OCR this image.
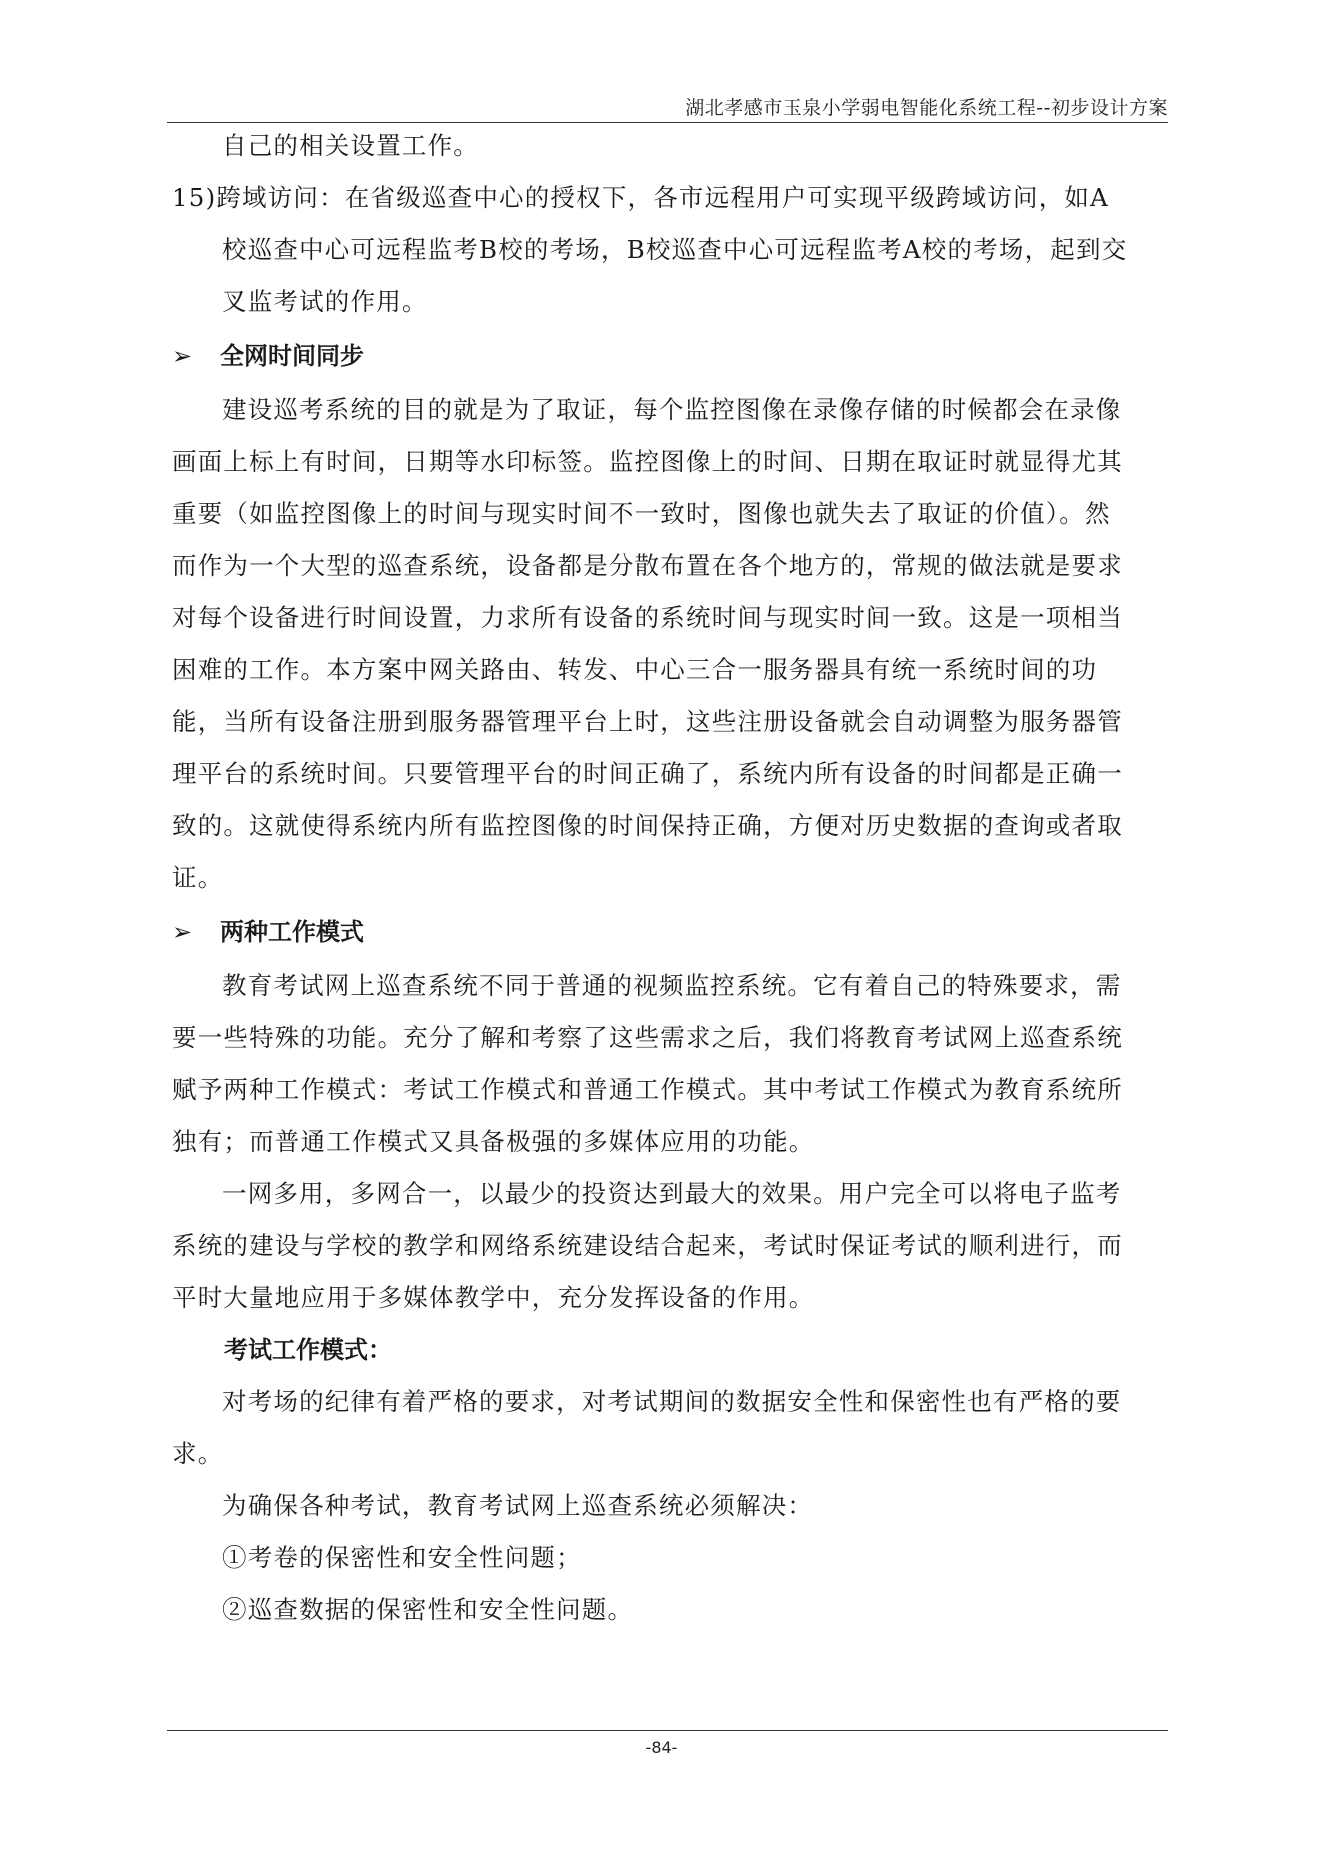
湖北孝感市玉泉小学弱电智能化系统工程--初步设计方案
自己的相关设置工作。
15)跨域访问：在省级巡查中心的授权下，各市远程用户可实现平级跨域访问，如A
校巡查中心可远程监考B校的考场，B校巡查中心可远程监考A校的考场，起到交
叉监考试的作用。
➢ 全网时间同步
建设巡考系统的目的就是为了取证，每个监控图像在录像存储的时候都会在录像
画面上标上有时间，日期等水印标签。监控图像上的时间、日期在取证时就显得尤其
重要（如监控图像上的时间与现实时间不一致时，图像也就失去了取证的价值）。然
而作为一个大型的巡查系统，设备都是分散布置在各个地方的，常规的做法就是要求
对每个设备进行时间设置，力求所有设备的系统时间与现实时间一致。这是一项相当
困难的工作。本方案中网关路由、转发、中心三合一服务器具有统一系统时间的功
能，当所有设备注册到服务器管理平台上时，这些注册设备就会自动调整为服务器管
理平台的系统时间。只要管理平台的时间正确了，系统内所有设备的时间都是正确一
致的。这就使得系统内所有监控图像的时间保持正确，方便对历史数据的查询或者取
证。
➢ 两种工作模式
教育考试网上巡查系统不同于普通的视频监控系统。它有着自己的特殊要求，需
要一些特殊的功能。充分了解和考察了这些需求之后，我们将教育考试网上巡查系统
赋予两种工作模式：考试工作模式和普通工作模式。其中考试工作模式为教育系统所
独有；而普通工作模式又具备极强的多媒体应用的功能。
一网多用，多网合一，以最少的投资达到最大的效果。用户完全可以将电子监考
系统的建设与学校的教学和网络系统建设结合起来，考试时保证考试的顺利进行，而
平时大量地应用于多媒体教学中，充分发挥设备的作用。
考试工作模式：
对考场的纪律有着严格的要求，对考试期间的数据安全性和保密性也有严格的要
求。
为确保各种考试，教育考试网上巡查系统必须解决：
①考卷的保密性和安全性问题；
②巡查数据的保密性和安全性问题。
-84-
